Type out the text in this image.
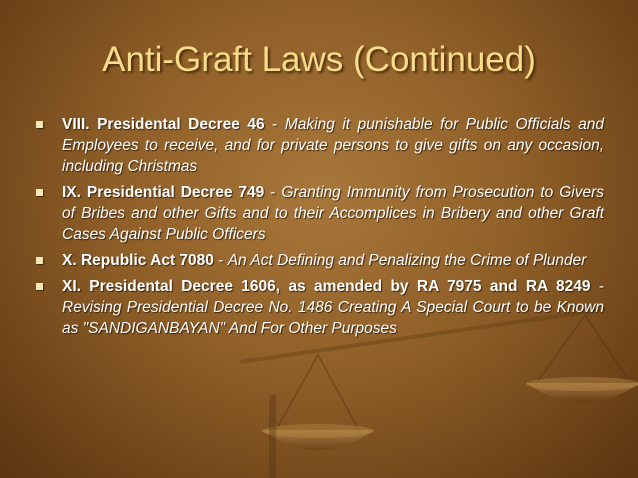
Anti-Graft Laws (Continued)
VIII. Presidental Decree 46 - Making it punishable for Public Officials and Employees to receive, and for private persons to give gifts on any occasion, including Christmas
IX. Presidential Decree 749 - Granting Immunity from Prosecution to Givers of Bribes and other Gifts and to their Accomplices in Bribery and other Graft Cases Against Public Officers
X. Republic Act 7080 - An Act Defining and Penalizing the Crime of Plunder
XI. Presidental Decree 1606, as amended by RA 7975 and RA 8249 - Revising Presidential Decree No. 1486 Creating A Special Court to be Known as "SANDIGANBAYAN" And For Other Purposes
